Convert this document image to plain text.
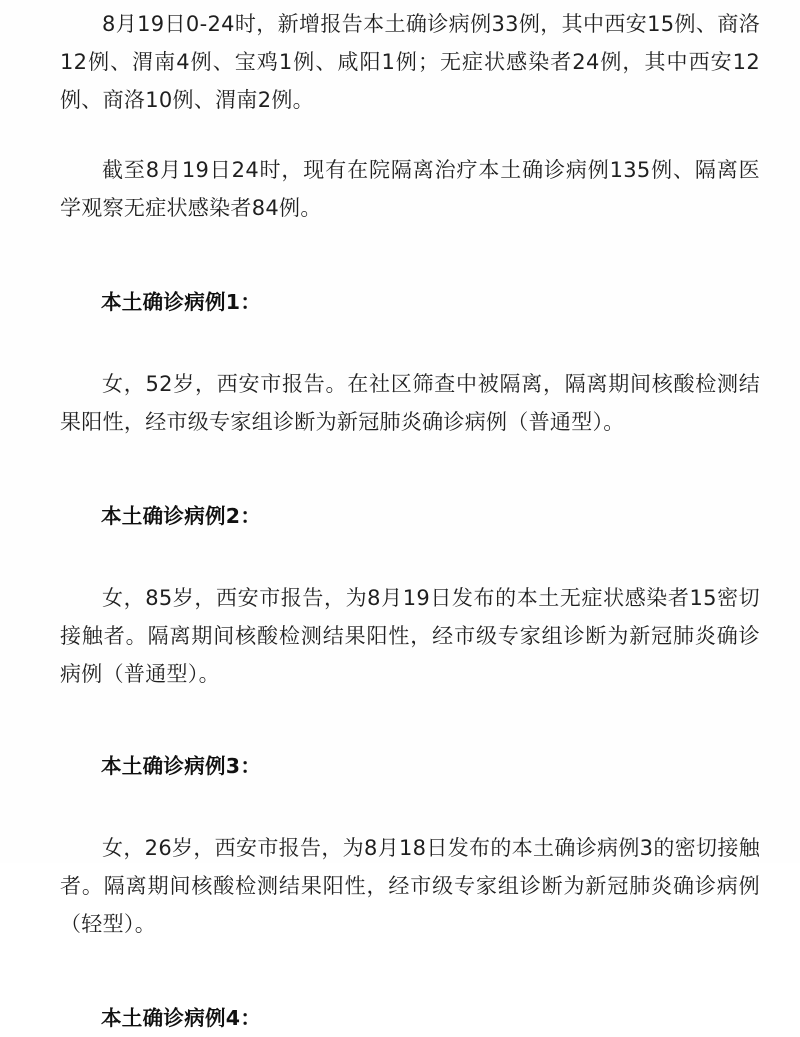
8月19日0-24时，新增报告本土确诊病例33例，其中西安15例、商洛12例、渭南4例、宝鸡1例、咸阳1例；无症状感染者24例，其中西安12例、商洛10例、渭南2例。

截至8月19日24时，现有在院隔离治疗本土确诊病例135例、隔离医学观察无症状感染者84例。

本土确诊病例1：

女，52岁，西安市报告。在社区筛查中被隔离，隔离期间核酸检测结果阳性，经市级专家组诊断为新冠肺炎确诊病例（普通型）。

本土确诊病例2：

女，85岁，西安市报告，为8月19日发布的本土无症状感染者15密切接触者。隔离期间核酸检测结果阳性，经市级专家组诊断为新冠肺炎确诊病例（普通型）。

本土确诊病例3：

女，26岁，西安市报告，为8月18日发布的本土确诊病例3的密切接触者。隔离期间核酸检测结果阳性，经市级专家组诊断为新冠肺炎确诊病例（轻型）。

本土确诊病例4：
